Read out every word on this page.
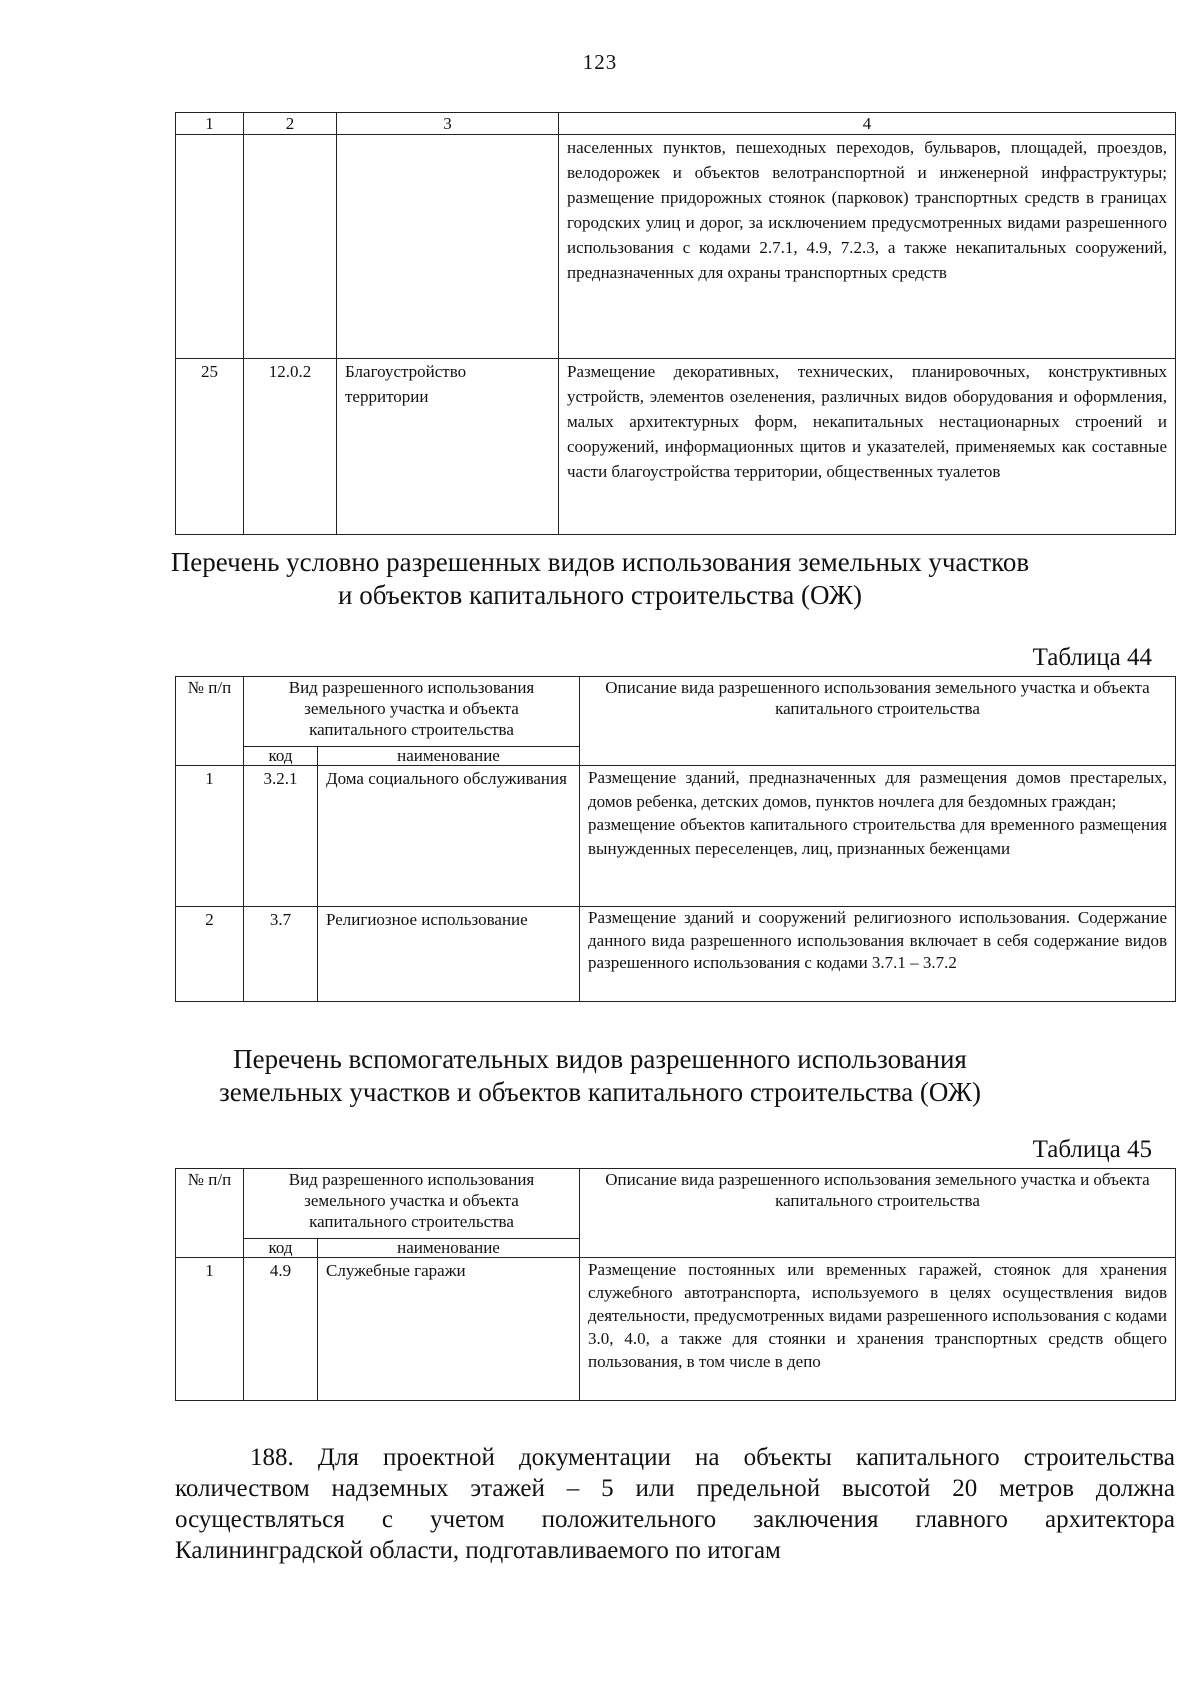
123
1	2	3	4
			населенных пунктов, пешеходных переходов, бульваров, площадей, проездов, велодорожек и объектов велотранспортной и инженерной инфраструктуры; размещение придорожных стоянок (парковок) транспортных средств в границах городских улиц и дорог, за исключением предусмотренных видами разрешенного использования с кодами 2.7.1, 4.9, 7.2.3, а также некапитальных сооружений, предназначенных для охраны транспортных средств
25	12.0.2	Благоустройство территории	Размещение декоративных, технических, планировочных, конструктивных устройств, элементов озеленения, различных видов оборудования и оформления, малых архитектурных форм, некапитальных нестационарных строений и сооружений, информационных щитов и указателей, применяемых как составные части благоустройства территории, общественных туалетов
Перечень условно разрешенных видов использования земельных участков
и объектов капитального строительства (ОЖ)
Таблица 44
№ п/п	Вид разрешенного использования земельного участка и объекта капитального строительства		Описание вида разрешенного использования земельного участка и объекта капитального строительства
	код	наименование	
1	3.2.1	Дома социального обслуживания	Размещение зданий, предназначенных для размещения домов престарелых, домов ребенка, детских домов, пунктов ночлега для бездомных граждан;
размещение объектов капитального строительства для временного размещения вынужденных переселенцев, лиц, признанных беженцами

2	3.7	Религиозное использование	Размещение зданий и сооружений религиозного использования. Содержание данного вида разрешенного использования включает в себя содержание видов разрешенного использования с кодами 3.7.1 – 3.7.2
Перечень вспомогательных видов разрешенного использования
земельных участков и объектов капитального строительства (ОЖ)
Таблица 45
№ п/п	Вид разрешенного использования земельного участка и объекта капитального строительства		Описание вида разрешенного использования земельного участка и объекта капитального строительства
	код	наименование	
1	4.9	Служебные гаражи	Размещение постоянных или временных гаражей, стоянок для хранения служебного автотранспорта, используемого в целях осуществления видов деятельности, предусмотренных видами разрешенного использования с кодами 3.0, 4.0, а также для стоянки и хранения транспортных средств общего пользования, в том числе в депо

188. Для проектной документации на объекты капитального строительства количеством надземных этажей – 5 или предельной высотой 20 метров должна осуществляться с учетом положительного заключения главного архитектора Калининградской области, подготавливаемого по итогам
